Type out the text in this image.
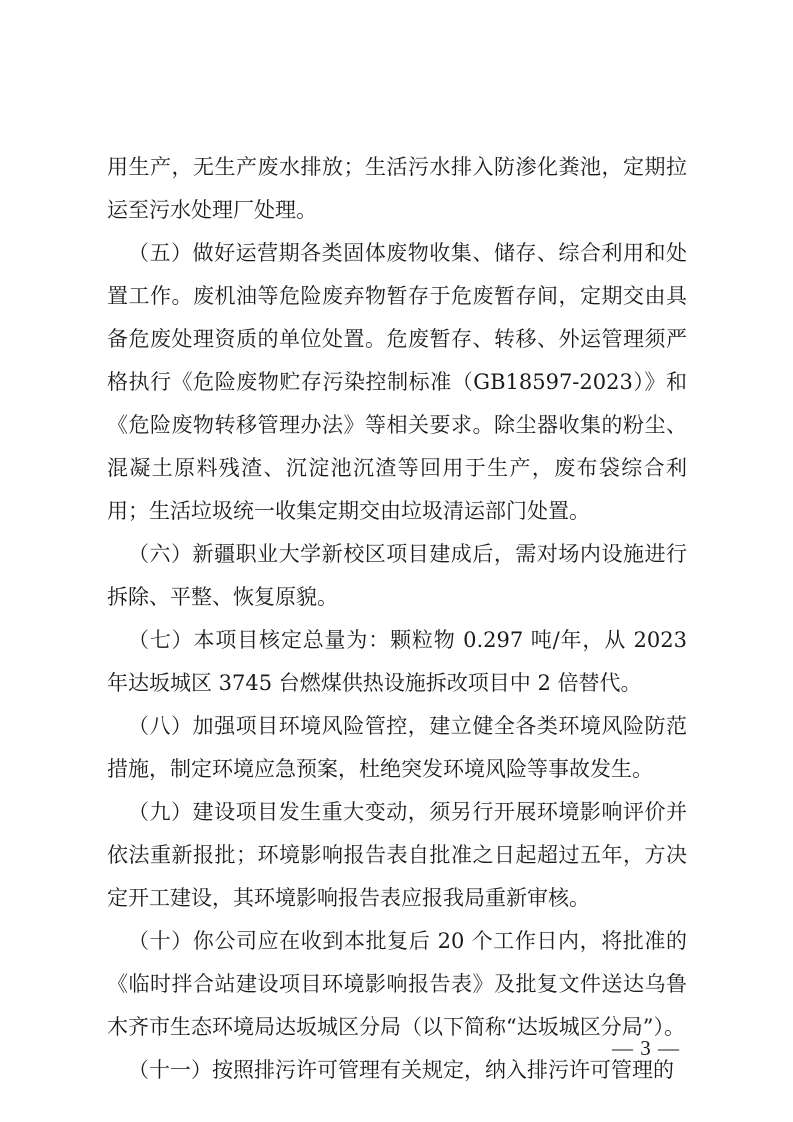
用生产，无生产废水排放；生活污水排入防渗化粪池，定期拉运至污水处理厂处理。

（五）做好运营期各类固体废物收集、储存、综合利用和处置工作。废机油等危险废弃物暂存于危废暂存间，定期交由具备危废处理资质的单位处置。危废暂存、转移、外运管理须严格执行《危险废物贮存污染控制标准（GB18597-2023）》和《危险废物转移管理办法》等相关要求。除尘器收集的粉尘、混凝土原料残渣、沉淀池沉渣等回用于生产，废布袋综合利用；生活垃圾统一收集定期交由垃圾清运部门处置。

（六）新疆职业大学新校区项目建成后，需对场内设施进行拆除、平整、恢复原貌。

（七）本项目核定总量为：颗粒物 0.297 吨/年，从 2023 年达坂城区 3745 台燃煤供热设施拆改项目中 2 倍替代。

（八）加强项目环境风险管控，建立健全各类环境风险防范措施，制定环境应急预案，杜绝突发环境风险等事故发生。

（九）建设项目发生重大变动，须另行开展环境影响评价并依法重新报批；环境影响报告表自批准之日起超过五年，方决定开工建设，其环境影响报告表应报我局重新审核。

（十）你公司应在收到本批复后 20 个工作日内，将批准的《临时拌合站建设项目环境影响报告表》及批复文件送达乌鲁木齐市生态环境局达坂城区分局（以下简称“达坂城区分局”）。

（十一）按照排污许可管理有关规定，纳入排污许可管理的

— 3 —
